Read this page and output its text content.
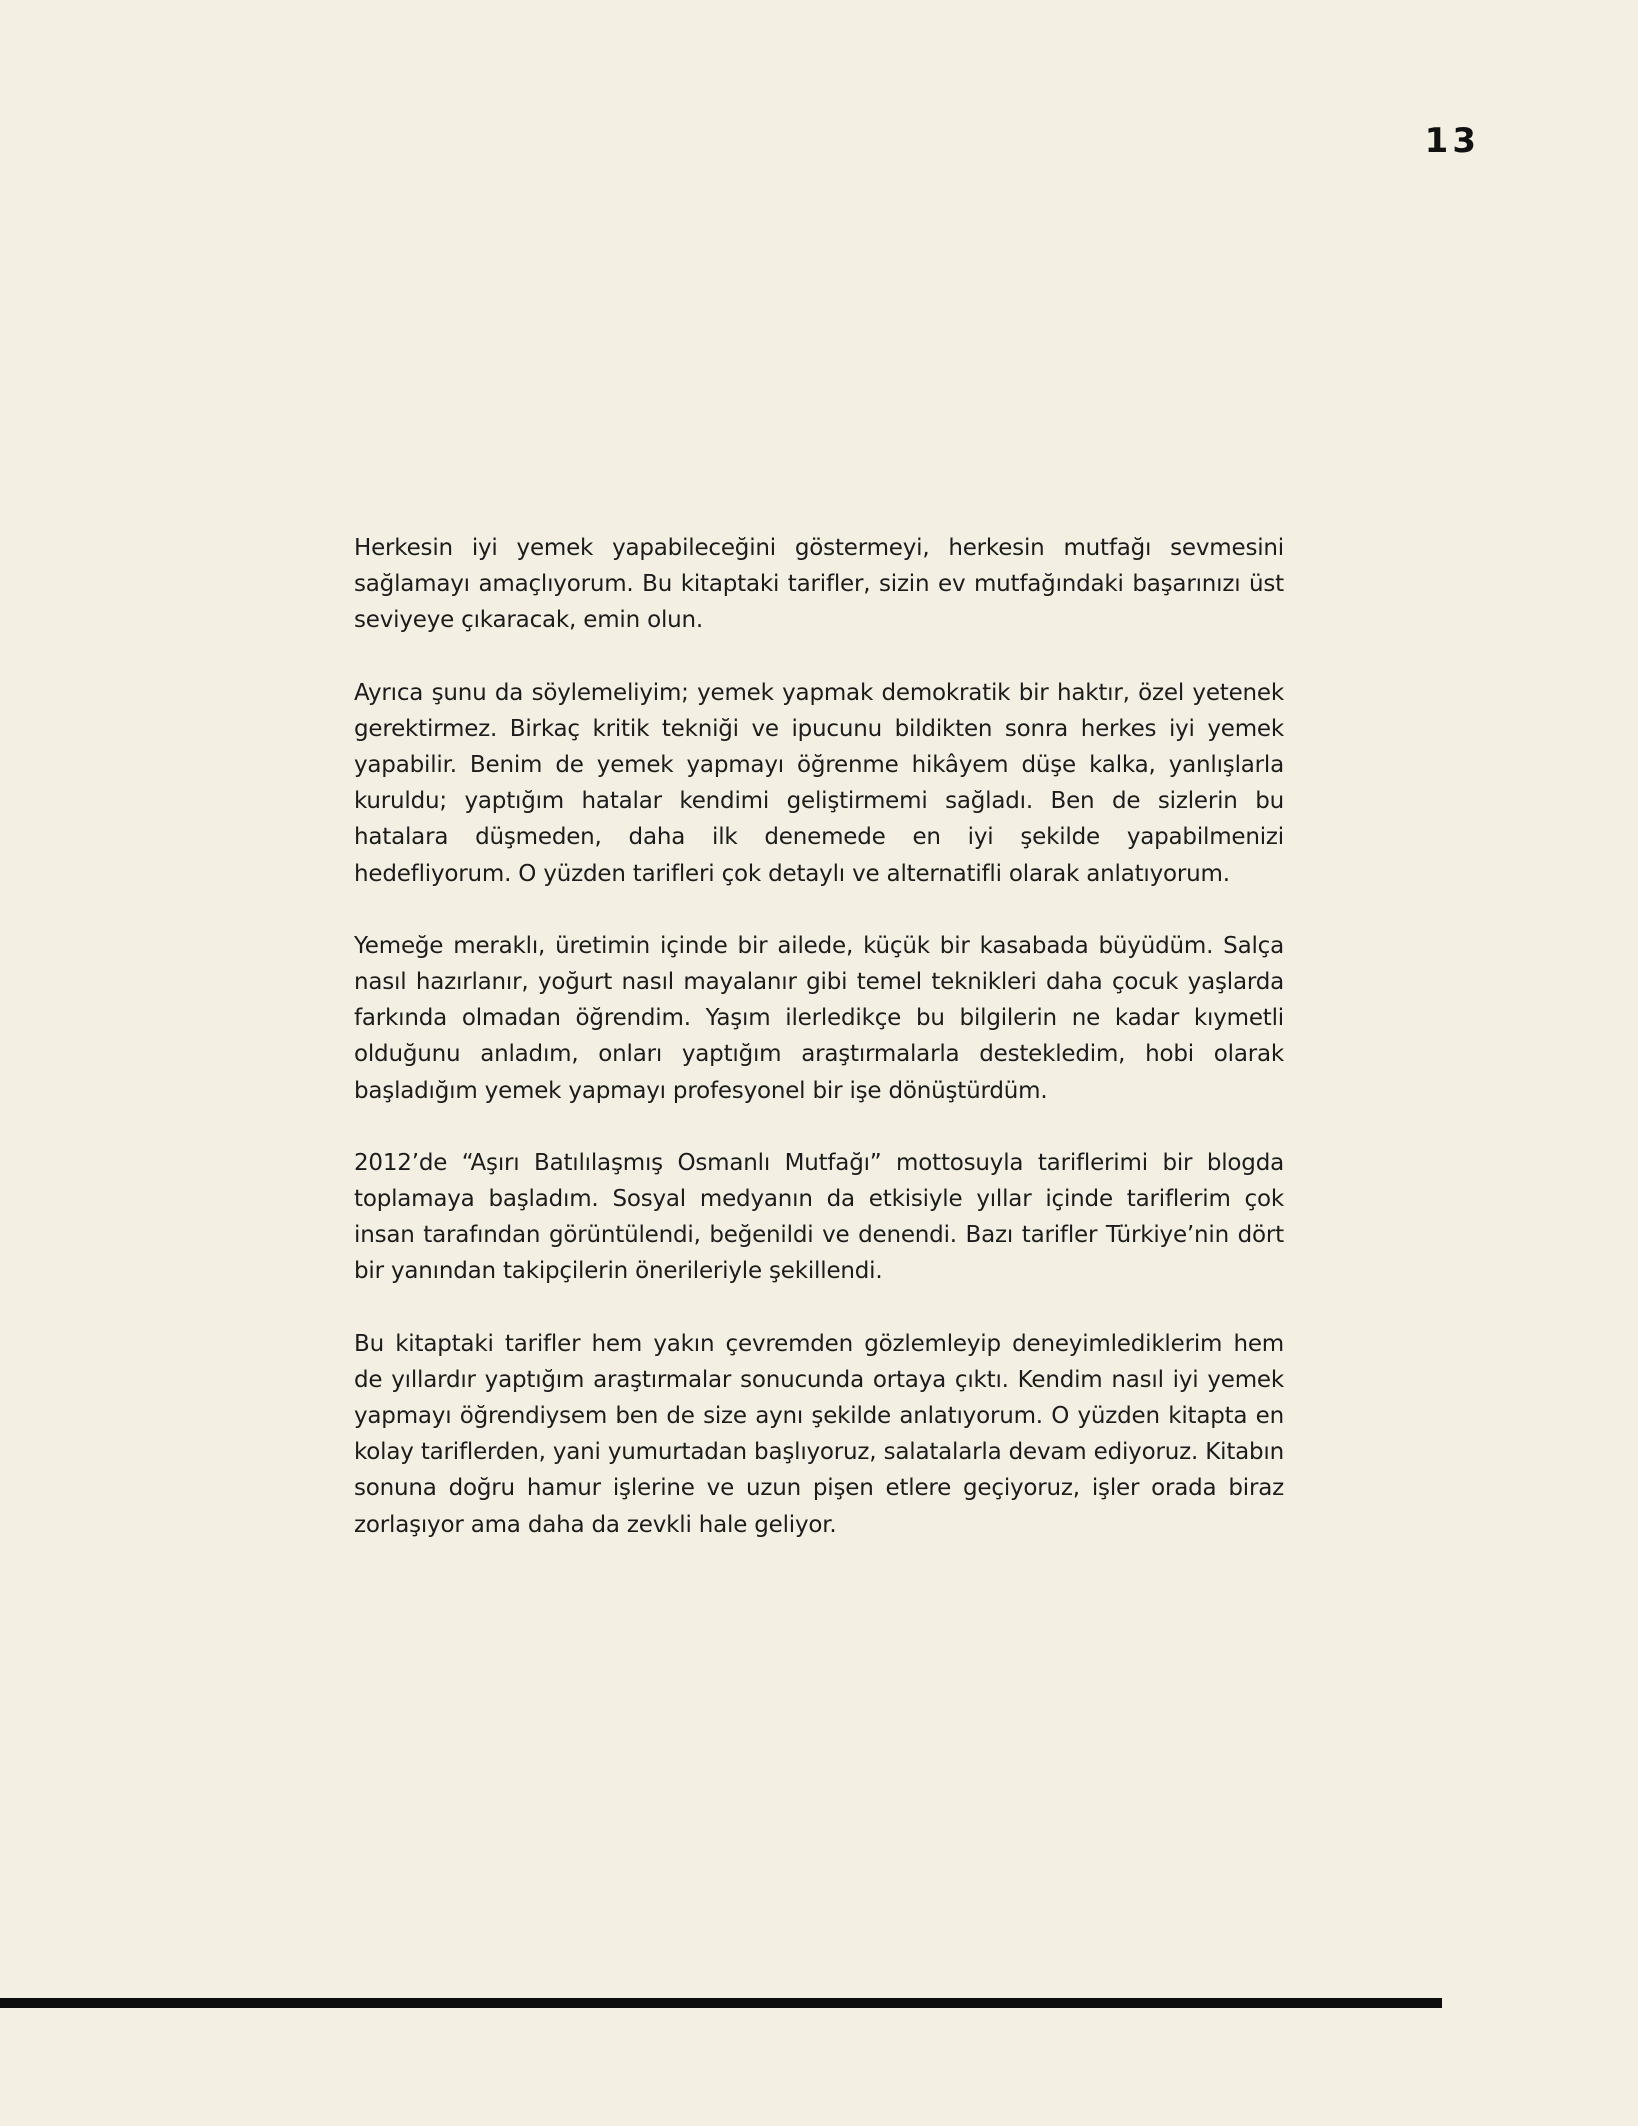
13

Herkesin iyi yemek yapabileceğini göstermeyi, herkesin mutfağı sevmesini sağlamayı amaçlıyorum. Bu kitaptaki tarifler, sizin ev mutfağındaki başarınızı üst seviyeye çıkaracak, emin olun.

Ayrıca şunu da söylemeliyim; yemek yapmak demokratik bir haktır, özel yetenek gerektirmez. Birkaç kritik tekniği ve ipucunu bildikten sonra herkes iyi yemek yapabilir. Benim de yemek yapmayı öğrenme hikâyem düşe kalka, yanlışlarla kuruldu; yaptığım hatalar kendimi geliştirmemi sağladı. Ben de sizlerin bu hatalara düşmeden, daha ilk denemede en iyi şekilde yapabilmenizi hedefliyorum. O yüzden tarifleri çok detaylı ve alternatifli olarak anlatıyorum.

Yemeğe meraklı, üretimin içinde bir ailede, küçük bir kasabada büyüdüm. Salça nasıl hazırlanır, yoğurt nasıl mayalanır gibi temel teknikleri daha çocuk yaşlarda farkında olmadan öğrendim. Yaşım ilerledikçe bu bilgilerin ne kadar kıymetli olduğunu anladım, onları yaptığım araştırmalarla destekledim, hobi olarak başladığım yemek yapmayı profesyonel bir işe dönüştürdüm.

2012’de “Aşırı Batılılaşmış Osmanlı Mutfağı” mottosuyla tariflerimi bir blogda toplamaya başladım. Sosyal medyanın da etkisiyle yıllar içinde tariflerim çok insan tarafından görüntülendi, beğenildi ve denendi. Bazı tarifler Türkiye’nin dört bir yanından takipçilerin önerileriyle şekillendi.

Bu kitaptaki tarifler hem yakın çevremden gözlemleyip deneyimlediklerim hem de yıllardır yaptığım araştırmalar sonucunda ortaya çıktı. Kendim nasıl iyi yemek yapmayı öğrendiysem ben de size aynı şekilde anlatıyorum. O yüzden kitapta en kolay tariflerden, yani yumurtadan başlıyoruz, salatalarla devam ediyoruz. Kitabın sonuna doğru hamur işlerine ve uzun pişen etlere geçiyoruz, işler orada biraz zorlaşıyor ama daha da zevkli hale geliyor.
